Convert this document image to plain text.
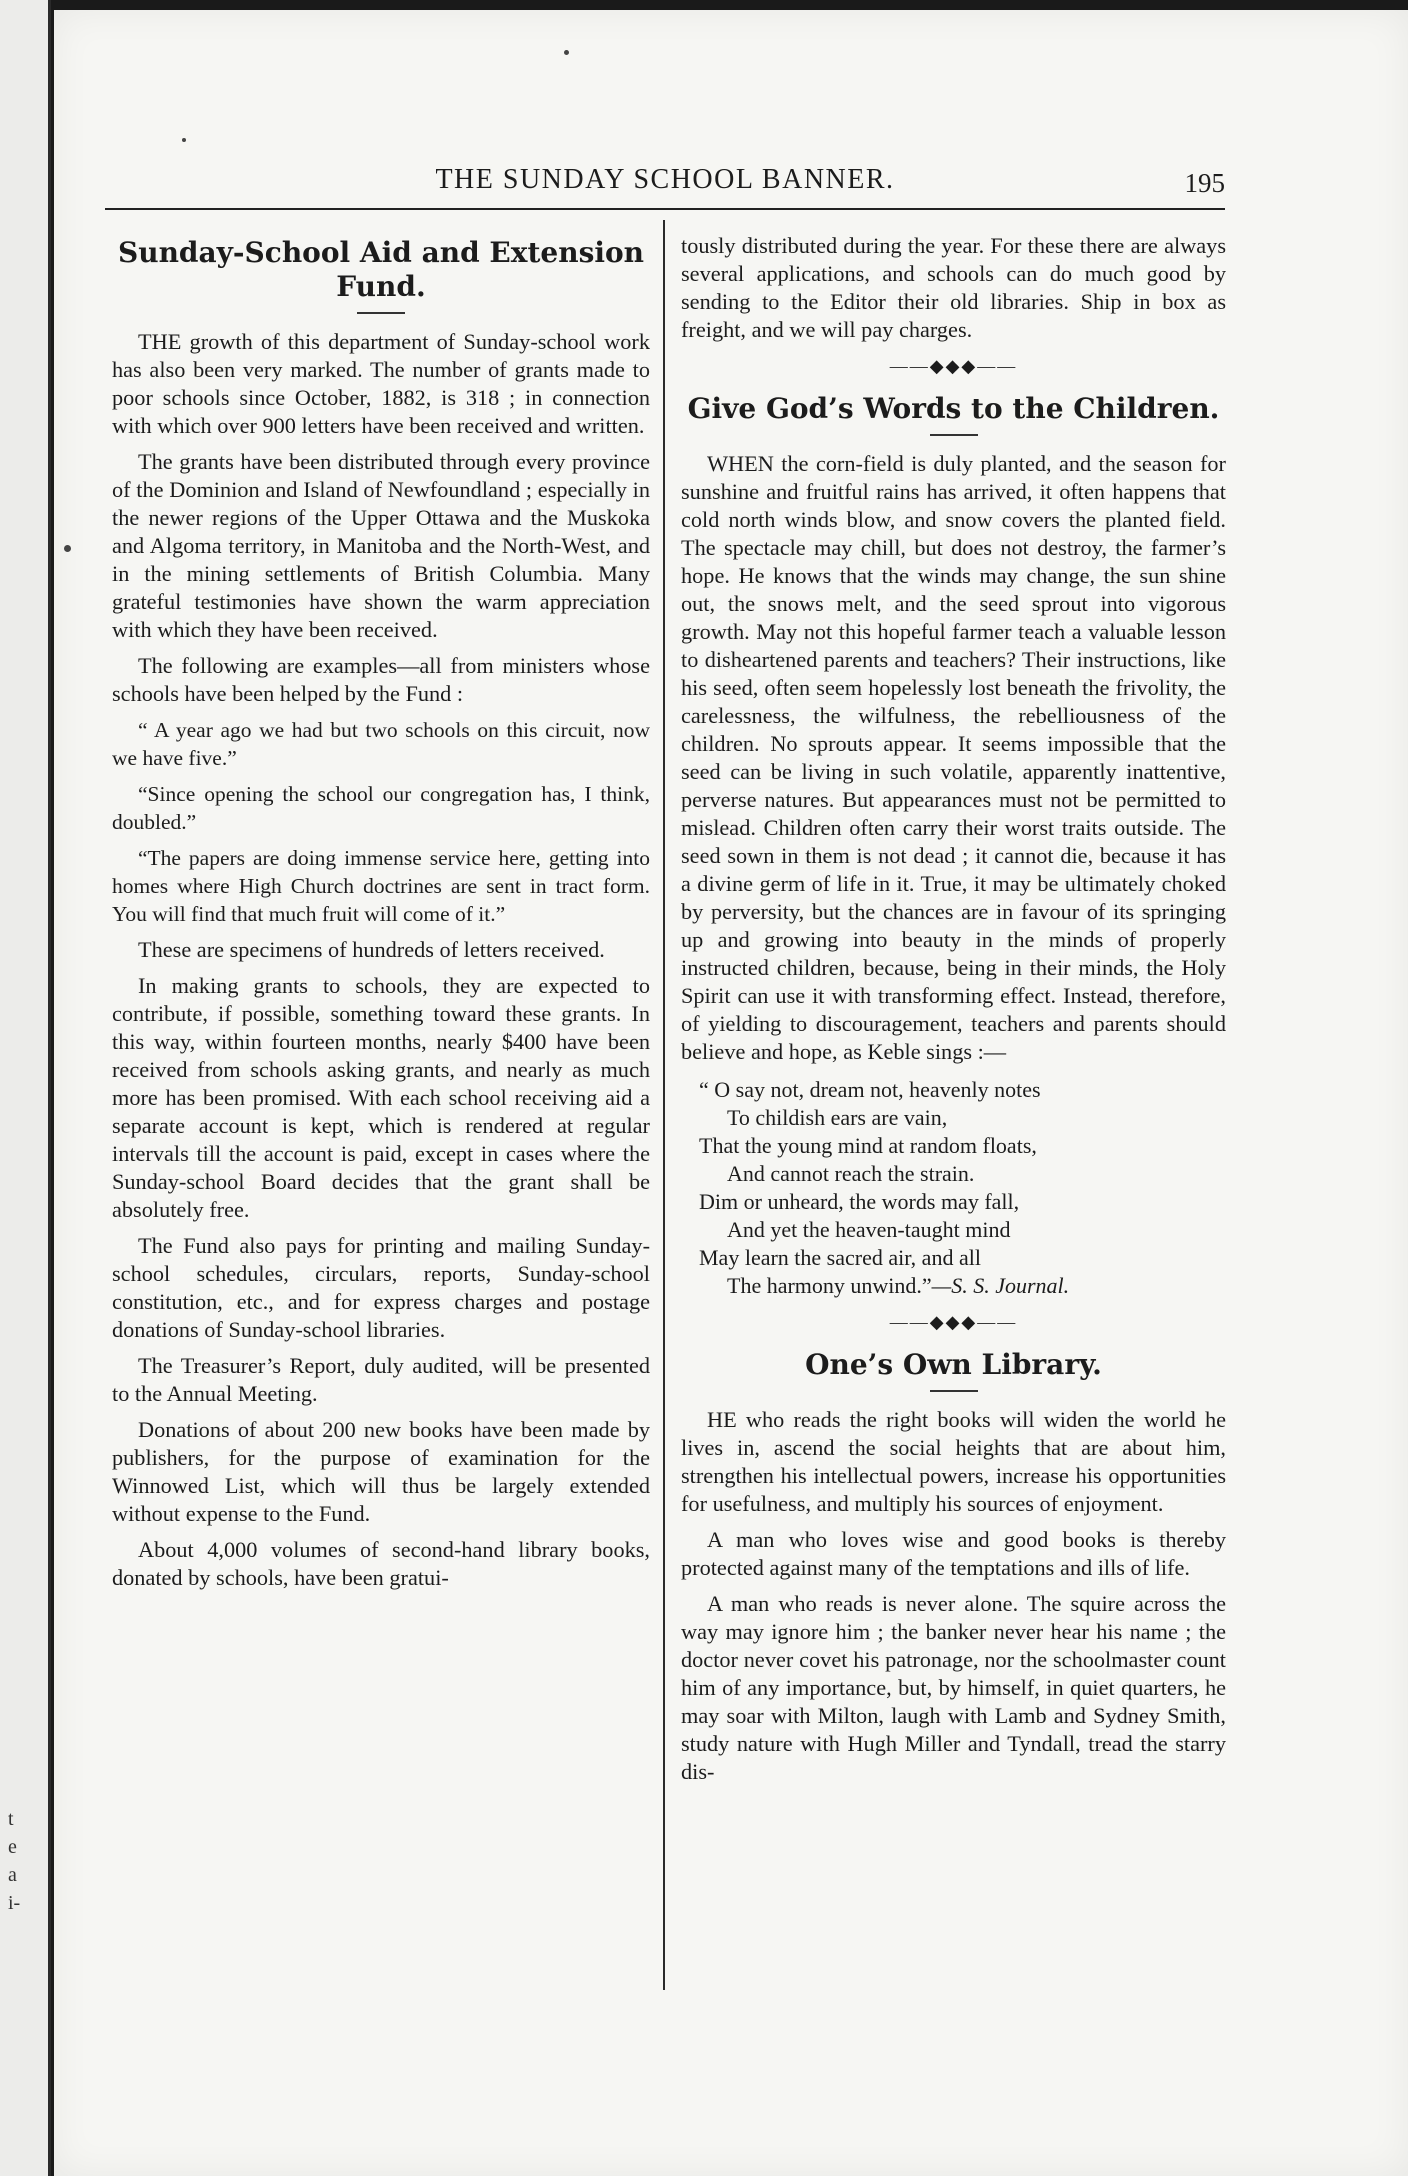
t
e
a
i-
THE SUNDAY SCHOOL BANNER.	195
Sunday-School Aid and Extension Fund.

THE growth of this department of Sunday-school work has also been very marked. The number of grants made to poor schools since October, 1882, is 318 ; in connection with which over 900 letters have been received and written.

The grants have been distributed through every province of the Dominion and Island of Newfoundland ; especially in the newer regions of the Upper Ottawa and the Muskoka and Algoma territory, in Manitoba and the North-West, and in the mining settlements of British Columbia. Many grateful testimonies have shown the warm appreciation with which they have been received.

The following are examples—all from ministers whose schools have been helped by the Fund :

“ A year ago we had but two schools on this circuit, now we have five.”

“Since opening the school our congregation has, I think, doubled.”

“The papers are doing immense service here, getting into homes where High Church doctrines are sent in tract form. You will find that much fruit will come of it.”

These are specimens of hundreds of letters received.

In making grants to schools, they are expected to contribute, if possible, something toward these grants. In this way, within fourteen months, nearly $400 have been received from schools asking grants, and nearly as much more has been promised. With each school receiving aid a separate account is kept, which is rendered at regular intervals till the account is paid, except in cases where the Sunday-school Board decides that the grant shall be absolutely free.

The Fund also pays for printing and mailing Sunday-school schedules, circulars, reports, Sunday-school constitution, etc., and for express charges and postage donations of Sunday-school libraries.

The Treasurer’s Report, duly audited, will be presented to the Annual Meeting.

Donations of about 200 new books have been made by publishers, for the purpose of examination for the Winnowed List, which will thus be largely extended without expense to the Fund.

About 4,000 volumes of second-hand library books, donated by schools, have been gratui-

tously distributed during the year. For these there are always several applications, and schools can do much good by sending to the Editor their old libraries. Ship in box as freight, and we will pay charges.

——◆◆◆——
Give God’s Words to the Children.

WHEN the corn-field is duly planted, and the season for sunshine and fruitful rains has arrived, it often happens that cold north winds blow, and snow covers the planted field. The spectacle may chill, but does not destroy, the farmer’s hope. He knows that the winds may change, the sun shine out, the snows melt, and the seed sprout into vigorous growth. May not this hopeful farmer teach a valuable lesson to disheartened parents and teachers? Their instructions, like his seed, often seem hopelessly lost beneath the frivolity, the carelessness, the wilfulness, the rebelliousness of the children. No sprouts appear. It seems impossible that the seed can be living in such volatile, apparently inattentive, perverse natures. But appearances must not be permitted to mislead. Children often carry their worst traits outside. The seed sown in them is not dead ; it cannot die, because it has a divine germ of life in it. True, it may be ultimately choked by perversity, but the chances are in favour of its springing up and growing into beauty in the minds of properly instructed children, because, being in their minds, the Holy Spirit can use it with transforming effect. Instead, therefore, of yielding to discouragement, teachers and parents should believe and hope, as Keble sings :—

“ O say not, dream not, heavenly notes
To childish ears are vain,
That the young mind at random floats,
And cannot reach the strain.
Dim or unheard, the words may fall,
And yet the heaven-taught mind
May learn the sacred air, and all
The harmony unwind.”—S. S. Journal.
——◆◆◆——
One’s Own Library.

HE who reads the right books will widen the world he lives in, ascend the social heights that are about him, strengthen his intellectual powers, increase his opportunities for usefulness, and multiply his sources of enjoyment.

A man who loves wise and good books is thereby protected against many of the temptations and ills of life.

A man who reads is never alone. The squire across the way may ignore him ; the banker never hear his name ; the doctor never covet his patronage, nor the schoolmaster count him of any importance, but, by himself, in quiet quarters, he may soar with Milton, laugh with Lamb and Sydney Smith, study nature with Hugh Miller and Tyndall, tread the starry dis-
